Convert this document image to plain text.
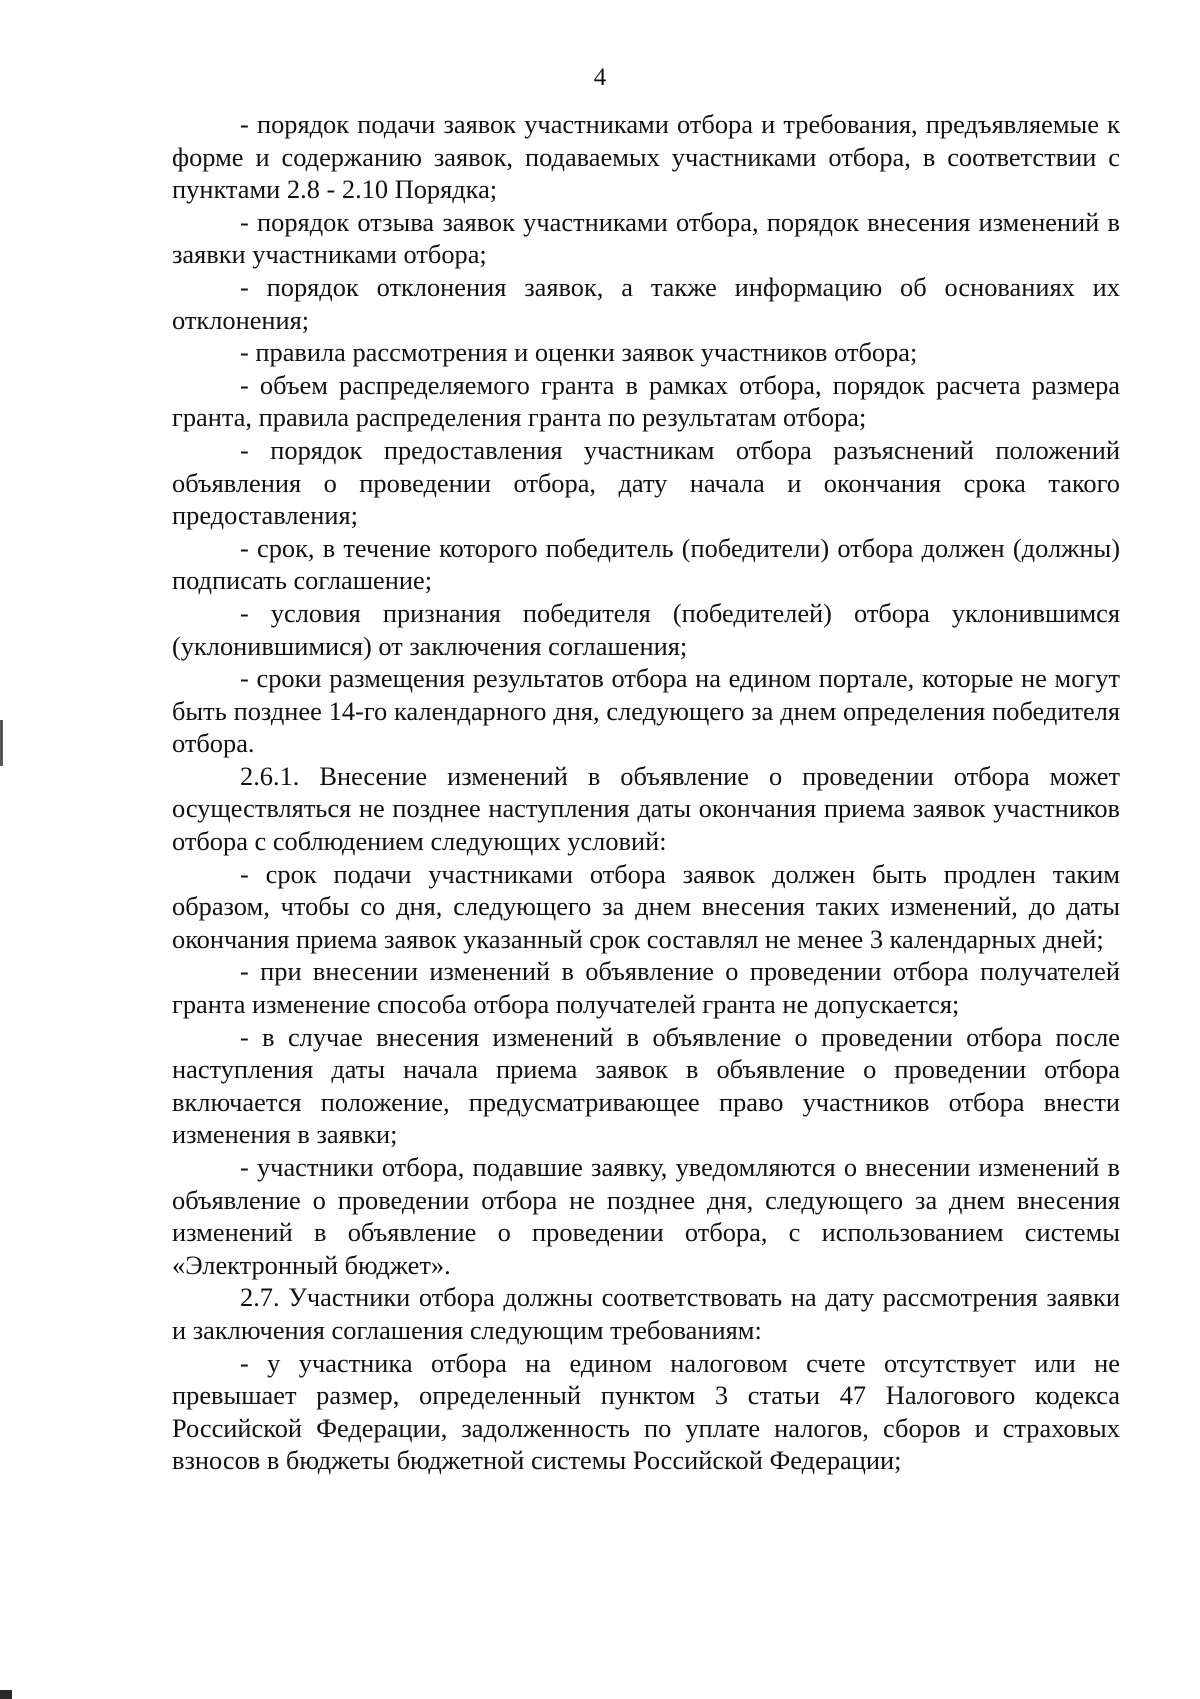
4

- порядок подачи заявок участниками отбора и требования, предъявляемые к форме и содержанию заявок, подаваемых участниками отбора, в соответствии с пунктами 2.8 - 2.10 Порядка;

- порядок отзыва заявок участниками отбора, порядок внесения изменений в заявки участниками отбора;

- порядок отклонения заявок, а также информацию об основаниях их отклонения;

- правила рассмотрения и оценки заявок участников отбора;

- объем распределяемого гранта в рамках отбора, порядок расчета размера гранта, правила распределения гранта по результатам отбора;

- порядок предоставления участникам отбора разъяснений положений объявления о проведении отбора, дату начала и окончания срока такого предоставления;

- срок, в течение которого победитель (победители) отбора должен (должны) подписать соглашение;

- условия признания победителя (победителей) отбора уклонившимся (уклонившимися) от заключения соглашения;

- сроки размещения результатов отбора на едином портале, которые не могут быть позднее 14-го календарного дня, следующего за днем определения победителя отбора.

2.6.1. Внесение изменений в объявление о проведении отбора может осуществляться не позднее наступления даты окончания приема заявок участников отбора с соблюдением следующих условий:

- срок подачи участниками отбора заявок должен быть продлен таким образом, чтобы со дня, следующего за днем внесения таких изменений, до даты окончания приема заявок указанный срок составлял не менее 3 календарных дней;

- при внесении изменений в объявление о проведении отбора получателей гранта изменение способа отбора получателей гранта не допускается;

- в случае внесения изменений в объявление о проведении отбора после наступления даты начала приема заявок в объявление о проведении отбора включается положение, предусматривающее право участников отбора внести изменения в заявки;

- участники отбора, подавшие заявку, уведомляются о внесении изменений в объявление о проведении отбора не позднее дня, следующего за днем внесения изменений в объявление о проведении отбора, с использованием системы «Электронный бюджет».

2.7. Участники отбора должны соответствовать на дату рассмотрения заявки и заключения соглашения следующим требованиям:

- у участника отбора на едином налоговом счете отсутствует или не превышает размер, определенный пунктом 3 статьи 47 Налогового кодекса Российской Федерации, задолженность по уплате налогов, сборов и страховых взносов в бюджеты бюджетной системы Российской Федерации;
